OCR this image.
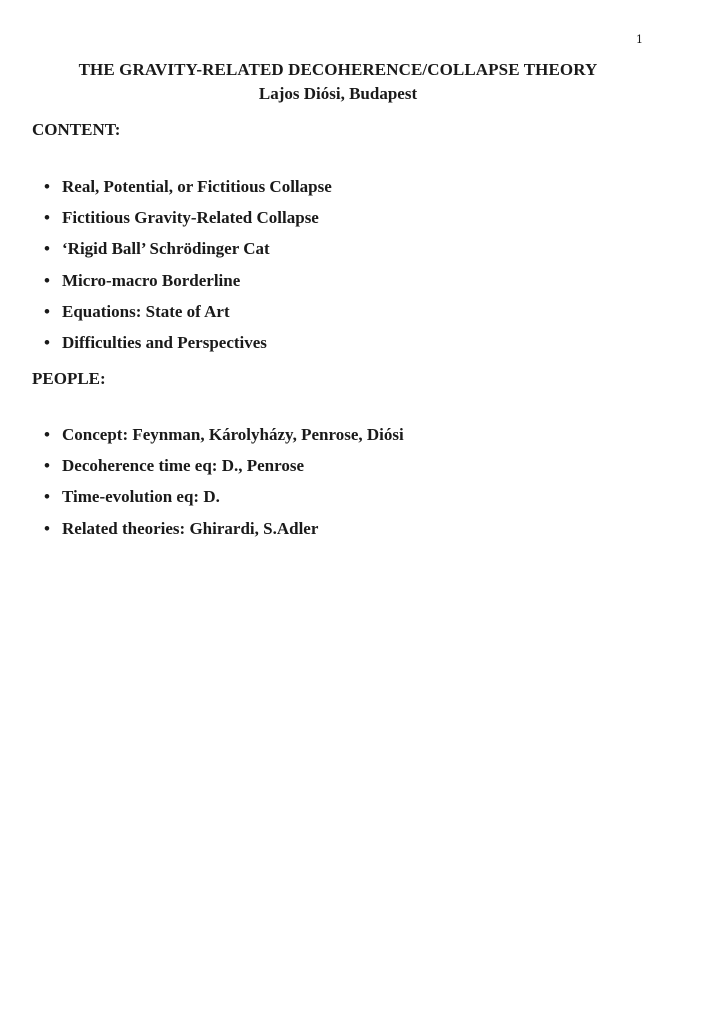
1
THE GRAVITY-RELATED DECOHERENCE/COLLAPSE THEORY
Lajos Diósi, Budapest
CONTENT:
• Real, Potential, or Fictitious Collapse
• Fictitious Gravity-Related Collapse
• ‘Rigid Ball’ Schrödinger Cat
• Micro-macro Borderline
• Equations: State of Art
• Difficulties and Perspectives
PEOPLE:
• Concept: Feynman, Károlyházy, Penrose, Diósi
• Decoherence time eq: D., Penrose
• Time-evolution eq: D.
• Related theories: Ghirardi, S.Adler
